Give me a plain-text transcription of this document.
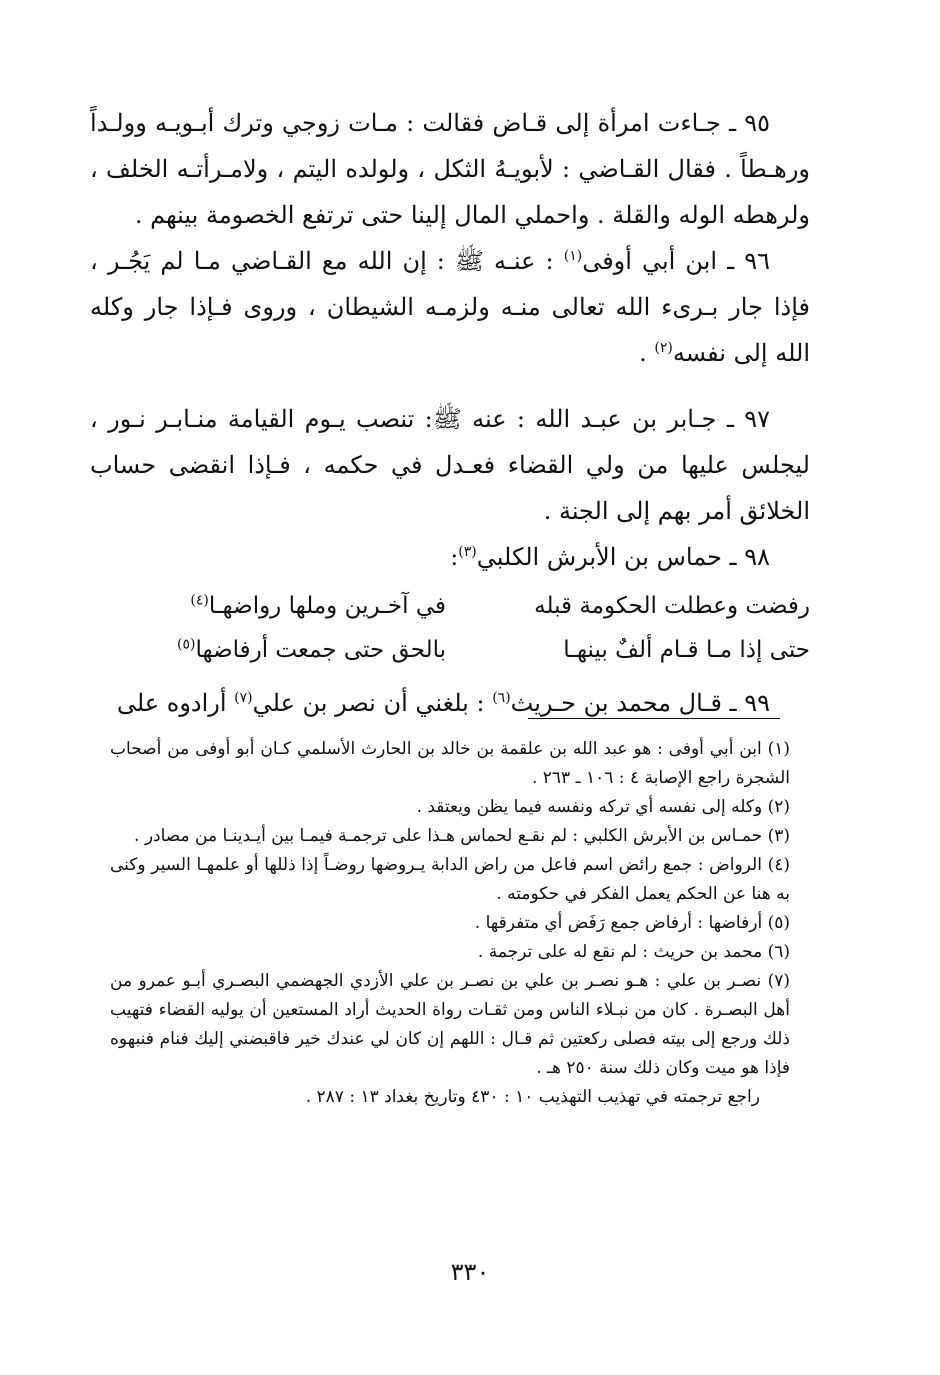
٩٥ ـ جـاءت امرأة إلى قـاض فقالت : مـات زوجي وترك أبـويـه وولـداً ورهـطاً . فقال القـاضي : لأبويـهُ الثكل ، ولولده اليتم ، ولامـرأتـه الخلف ، ولرهطه الوله والقلة . واحملي المال إلينا حتى ترتفع الخصومة بينهم .

٩٦ ـ ابن أبي أوفى$^{(١)}$ : عنـه ﷺ : إن الله مع القـاضي مـا لم يَجُـر ، فإذا جار بـرىء الله تعالى منـه ولزمـه الشيطان ، وروى فـإذا جار وكله الله إلى نفسه$^{(٢)}$ .

٩٧ ـ جـابر بن عبـد الله : عنه ﷺ: تنصب يـوم القيامة منـابـر نـور ، ليجلس عليها من ولي القضاء فعـدل في حكمه ، فـإذا انقضى حساب الخلائق أمر بهم إلى الجنة .

٩٨ ـ حماس بن الأبرش الكلبي$^{(٣)}$:

رفضت وعطلت الحكومة قبله
في آخـرين وملها رواضهـا$^{(٤)}$
حتى إذا مـا قـام ألفٌ بينهـا
بالحق حتى جمعت أرفاضها$^{(٥)}$

٩٩ ـ قـال محمد بن حـريث$^{(٦)}$ : بلغني أن نصر بن علي$^{(٧)}$ أرادوه على

(١) ابن أبي أوفى : هو عبد الله بن علقمة بن خالد بن الحارث الأسلمي كـان أبو أوفى من أصحاب الشجرة راجع الإصابة ٤ : ١٠٦ ـ ٢٦٣ .

(٢) وكله إلى نفسه أي تركه ونفسه فيما يظن ويعتقد .

(٣) حمـاس بن الأبرش الكلبي : لم نقـع لحماس هـذا على ترجمـة فيمـا بين أيـدينـا من مصادر .

(٤) الرواض : جمع رائض اسم فاعل من راض الدابة يـروضها روضـاً إذا ذللها أو علمهـا السير وكنى به هنا عن الحكم يعمل الفكر في حكومته .

(٥) أرفاضها : أرفاض جمع رَفَض أي متفرقها .

(٦) محمد بن حريث : لم نقع له على ترجمة .

(٧) نصـر بن علي : هـو نصـر بن علي بن نصـر بن علي الأزدي الجهضمي البصـري أبـو عمرو من أهل البصـرة . كان من نبـلاء الناس ومن ثقـات رواة الحديث أراد المستعين أن يوليه القضاء فتهيب ذلك ورجع إلى بيته فصلى ركعتين ثم قـال : اللهم إن كان لي عندك خير فاقبضني إليك فنام فنبهوه فإذا هو ميت وكان ذلك سنة ٢٥٠ هـ .

راجع ترجمته في تهذيب التهذيب ١٠ : ٤٣٠ وتاريخ بغداد ١٣ : ٢٨٧ .

٣٣٠
